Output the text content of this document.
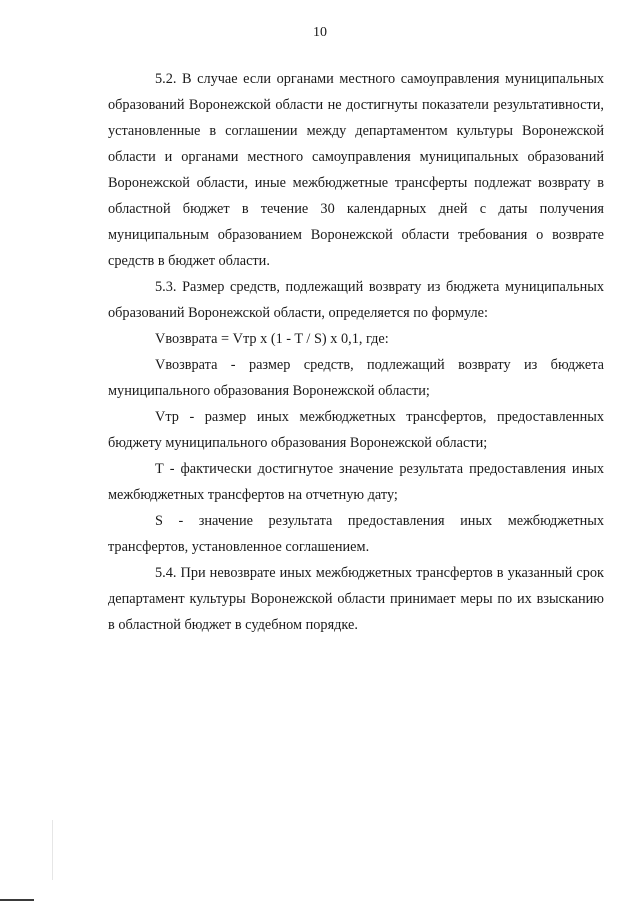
10

5.2. В случае если органами местного самоуправления муниципальных образований Воронежской области не достигнуты показатели результативности, установленные в соглашении между департаментом культуры Воронежской области и органами местного самоуправления муниципальных образований Воронежской области, иные межбюджетные трансферты подлежат возврату в областной бюджет в течение 30 календарных дней с даты получения муниципальным образованием Воронежской области требования о возврате средств в бюджет области.

5.3. Размер средств, подлежащий возврату из бюджета муниципальных образований Воронежской области, определяется по формуле:

Vвозврата = Vтр x (1 - T / S) x 0,1, где:

Vвозврата - размер средств, подлежащий возврату из бюджета муниципального образования Воронежской области;

Vтр - размер иных межбюджетных трансфертов, предоставленных бюджету муниципального образования Воронежской области;

Т - фактически достигнутое значение результата предоставления иных межбюджетных трансфертов на отчетную дату;

S - значение результата предоставления иных межбюджетных трансфертов, установленное соглашением.

5.4. При невозврате иных межбюджетных трансфертов в указанный срок департамент культуры Воронежской области принимает меры по их взысканию в областной бюджет в судебном порядке.
